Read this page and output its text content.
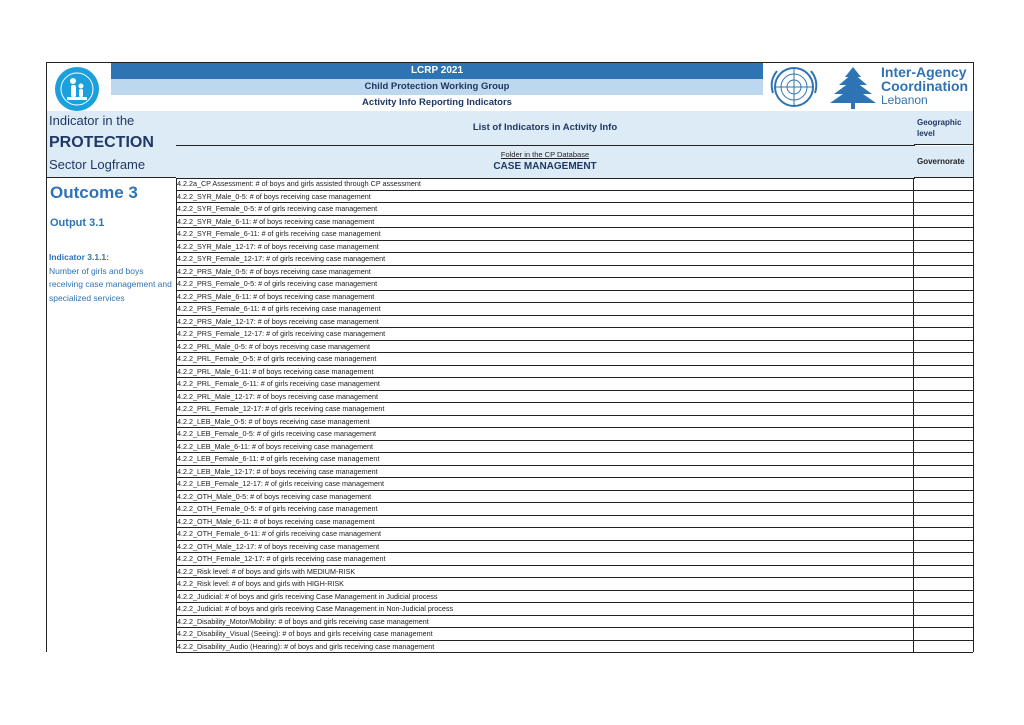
LCRP 2021
Child Protection Working Group
Activity Info Reporting Indicators
Inter-Agency
Coordination
Lebanon
Indicator in the
PROTECTION
Sector Logframe
Outcome 3
Output 3.1
Indicator 3.1.1:
Number of girls and boys receiving case management and specialized services
List of Indicators in Activity Info	Geographic level
Folder in the CP Database
CASE MANAGEMENT	Governorate
4.2.2a_CP Assessment: # of boys and girls assisted through CP assessment
4.2.2_SYR_Male_0-5: # of boys receiving case management
4.2.2_SYR_Female_0-5: # of girls receiving case management
4.2.2_SYR_Male_6-11: # of boys receiving case management
4.2.2_SYR_Female_6-11: # of girls receiving case management
4.2.2_SYR_Male_12-17: # of boys receiving case management
4.2.2_SYR_Female_12-17: # of girls receiving case management
4.2.2_PRS_Male_0-5: # of boys receiving case management
4.2.2_PRS_Female_0-5: # of girls receiving case management
4.2.2_PRS_Male_6-11: # of boys receiving case management
4.2.2_PRS_Female_6-11: # of girls receiving case management
4.2.2_PRS_Male_12-17: # of boys receiving case management
4.2.2_PRS_Female_12-17: # of girls receiving case management
4.2.2_PRL_Male_0-5: # of boys receiving case management
4.2.2_PRL_Female_0-5: # of girls receiving case management
4.2.2_PRL_Male_6-11: # of boys receiving case management
4.2.2_PRL_Female_6-11: # of girls receiving case management
4.2.2_PRL_Male_12-17: # of boys receiving case management
4.2.2_PRL_Female_12-17: # of girls receiving case management
4.2.2_LEB_Male_0-5: # of boys receiving case management
4.2.2_LEB_Female_0-5: # of girls receiving case management
4.2.2_LEB_Male_6-11: # of boys receiving case management
4.2.2_LEB_Female_6-11: # of girls receiving case management
4.2.2_LEB_Male_12-17: # of boys receiving case management
4.2.2_LEB_Female_12-17: # of girls receiving case management
4.2.2_OTH_Male_0-5: # of boys receiving case management
4.2.2_OTH_Female_0-5: # of girls receiving case management
4.2.2_OTH_Male_6-11: # of boys receiving case management
4.2.2_OTH_Female_6-11: # of girls receiving case management
4.2.2_OTH_Male_12-17: # of boys receiving case management
4.2.2_OTH_Female_12-17: # of girls receiving case management
4.2.2_Risk level: # of boys and girls with MEDIUM-RISK
4.2.2_Risk level: # of boys and girls with HIGH-RISK
4.2.2_Judicial: # of boys and girls receiving Case Management in Judicial process
4.2.2_Judicial: # of boys and girls receiving Case Management in Non-Judicial process
4.2.2_Disability_Motor/Mobility: # of boys and girls receiving case management
4.2.2_Disability_Visual (Seeing): # of boys and girls receiving case management
4.2.2_Disability_Audio (Hearing): # of boys and girls receiving case management
